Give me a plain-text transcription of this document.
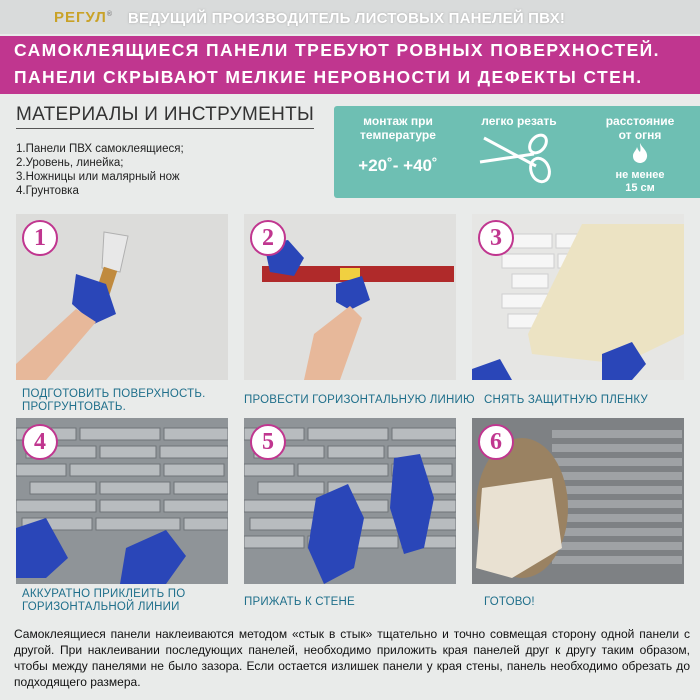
РЕГУЛ® ВЕДУЩИЙ ПРОИЗВОДИТЕЛЬ ЛИСТОВЫХ ПАНЕЛЕЙ ПВХ!
САМОКЛЕЯЩИЕСЯ ПАНЕЛИ ТРЕБУЮТ РОВНЫХ ПОВЕРХНОСТЕЙ.
ПАНЕЛИ СКРЫВАЮТ МЕЛКИЕ НЕРОВНОСТИ И ДЕФЕКТЫ СТЕН.
МАТЕРИАЛЫ И ИНСТРУМЕНТЫ
1.Панели ПВХ самоклеящиеся;
2.Уровень, линейка;
3.Ножницы или малярный нож
4.Грунтовка
монтаж при
температуре
+20˚- +40˚
легко резать	расстояние
от огня
не менее
15 см
1
ПОДГОТОВИТЬ ПОВЕРХНОСТЬ.
ПРОГРУНТОВАТЬ.
2
ПРОВЕСТИ ГОРИЗОНТАЛЬНУЮ ЛИНИЮ
3
СНЯТЬ ЗАЩИТНУЮ ПЛЕНКУ
4
АККУРАТНО ПРИКЛЕИТЬ ПО
ГОРИЗОНТАЛЬНОЙ ЛИНИИ
5
ПРИЖАТЬ К СТЕНЕ
6
ГОТОВО!
Самоклеящиеся панели наклеиваются методом «стык в стык» тщательно и точно совмещая сторону одной панели с другой. При наклеивании последующих панелей, необходимо приложить края панелей друг к другу таким образом, чтобы между панелями не было зазора. Если остается излишек панели у края стены, панель необходимо обрезать до подходящего размера.
